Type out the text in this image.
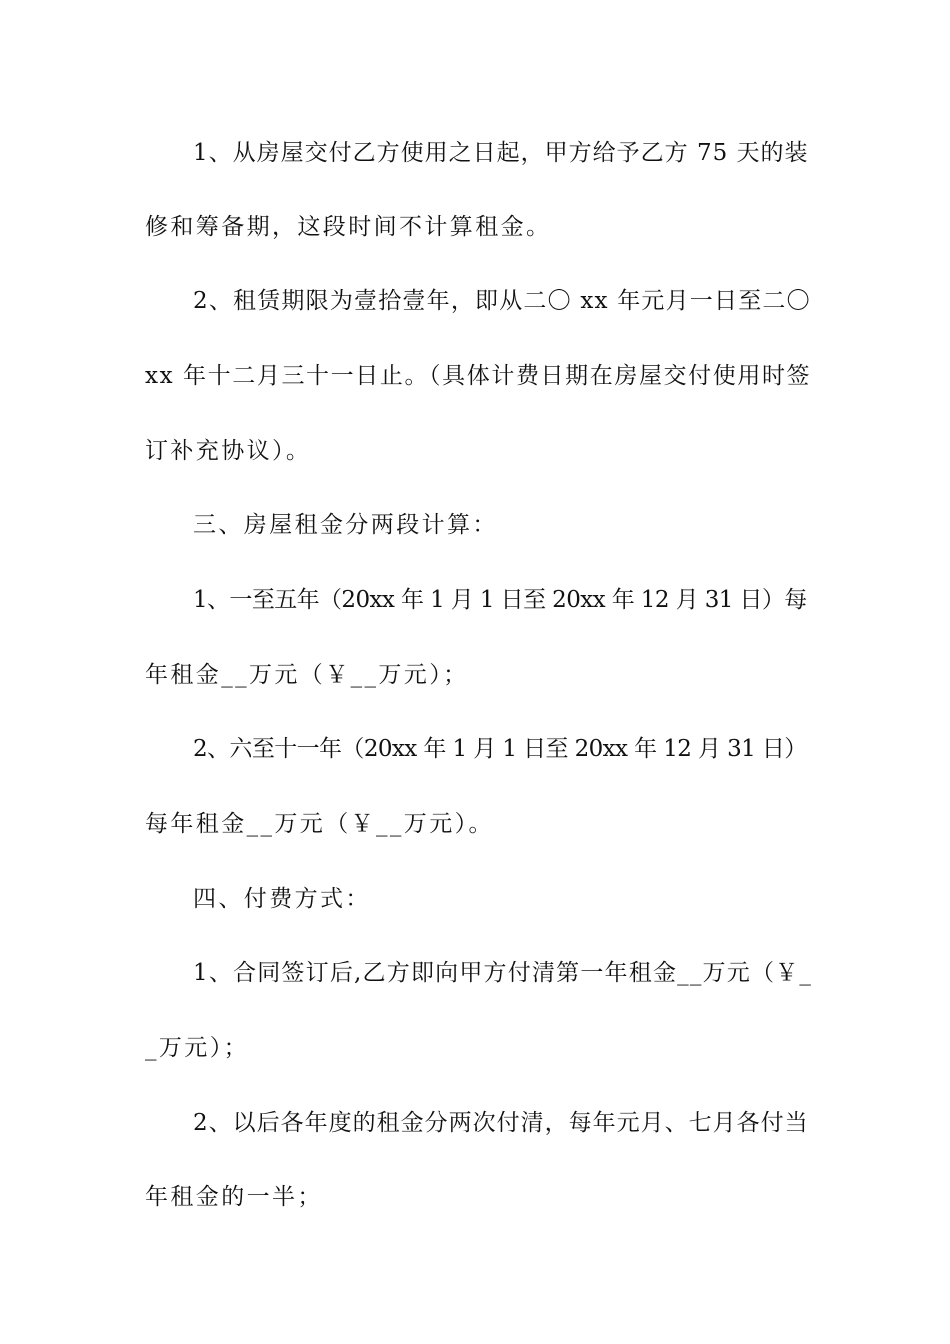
1、从房屋交付乙方使用之日起，甲方给予乙方 75 天的装

修和筹备期，这段时间不计算租金。

2、租赁期限为壹拾壹年，即从二〇 xx 年元月一日至二〇

xx 年十二月三十一日止。（具体计费日期在房屋交付使用时签

订补充协议）。

三、房屋租金分两段计算：

1、一至五年（20xx 年 1 月 1 日至 20xx 年 12 月 31 日）每

年租金__万元（￥__万元）；

2、六至十一年（20xx 年 1 月 1 日至 20xx 年 12 月 31 日）

每年租金__万元（￥__万元）。

四、付费方式：

1、合同签订后,乙方即向甲方付清第一年租金__万元（￥_

_万元）；

2、以后各年度的租金分两次付清，每年元月、七月各付当

年租金的一半；
